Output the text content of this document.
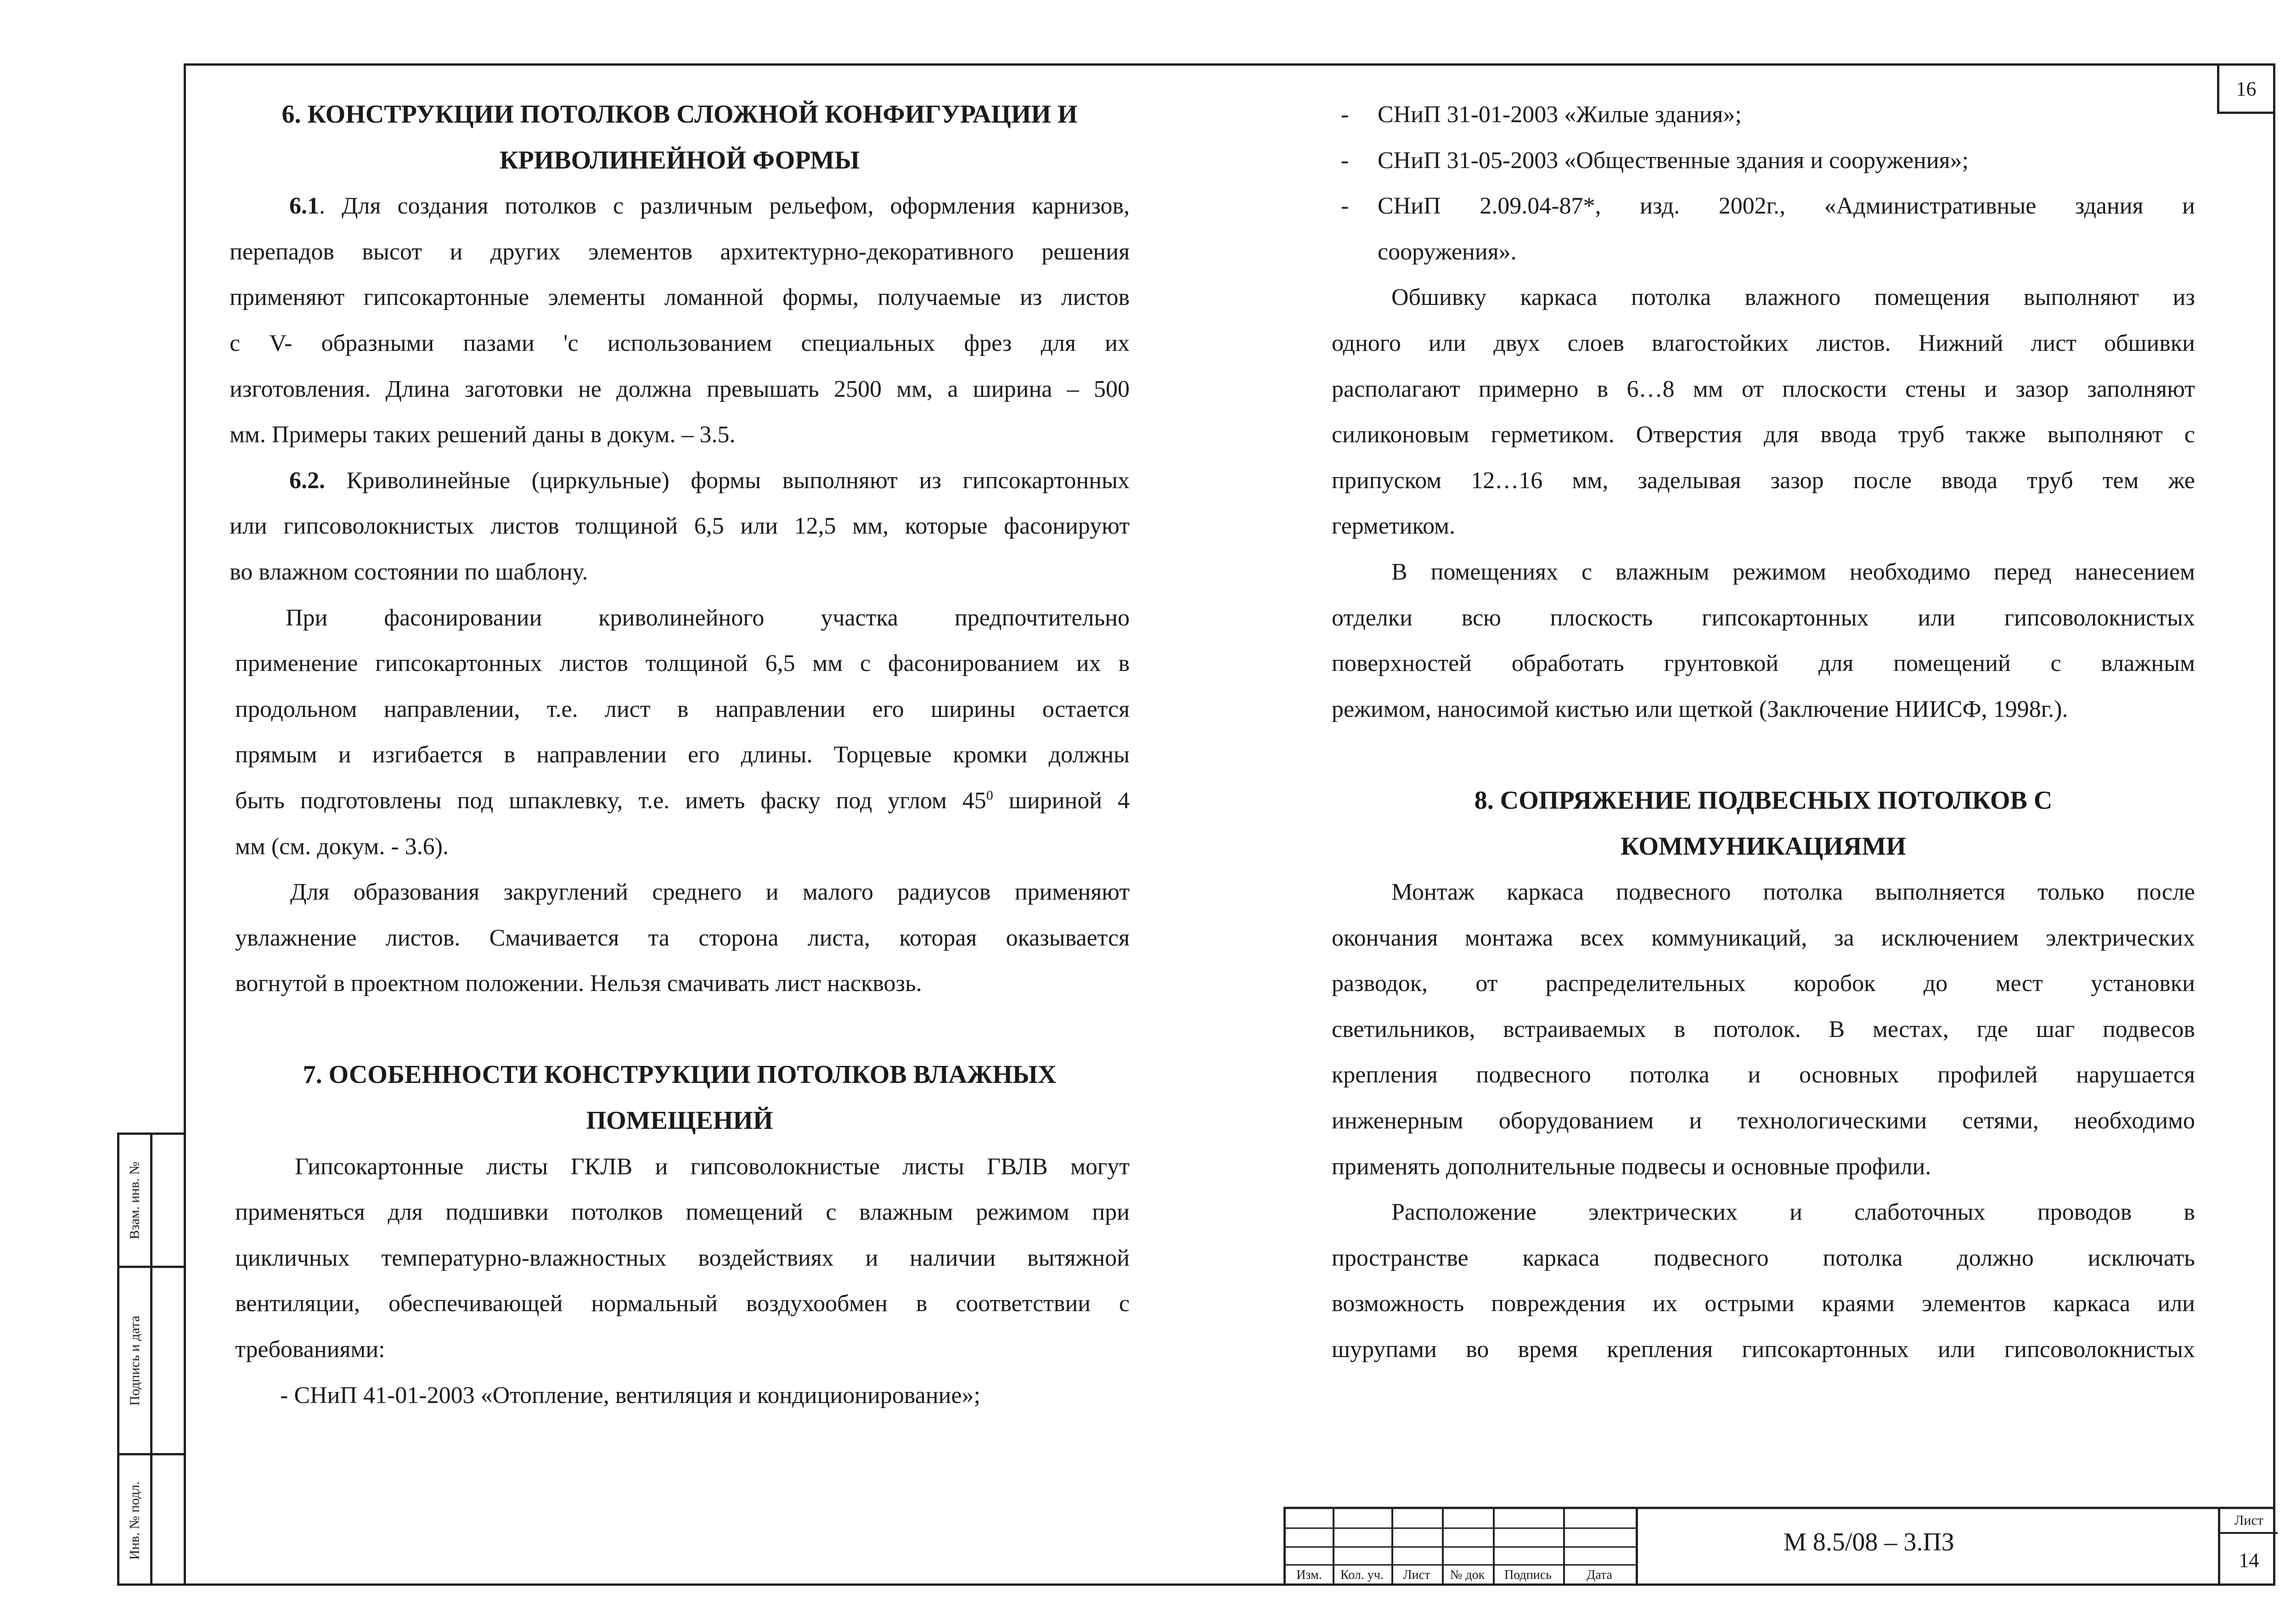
16
6. КОНСТРУКЦИИ ПОТОЛКОВ СЛОЖНОЙ КОНФИГУРАЦИИ И
КРИВОЛИНЕЙНОЙ ФОРМЫ
6.1. Для создания потолков с различным рельефом, оформления карнизов,
перепадов высот и других элементов архитектурно-декоративного решения
применяют гипсокартонные элементы ломанной формы, получаемые из листов
с V- образными пазами 'с использованием специальных фрез для их
изготовления. Длина заготовки не должна превышать 2500 мм, а ширина – 500
мм. Примеры таких решений даны в докум. – 3.5.
6.2. Криволинейные (циркульные) формы выполняют из гипсокартонных
или гипсоволокнистых листов толщиной 6,5 или 12,5 мм, которые фасонируют
во влажном состоянии по шаблону.
При фасонировании криволинейного участка предпочтительно
применение гипсокартонных листов толщиной 6,5 мм с фасонированием их в
продольном направлении, т.е. лист в направлении его ширины остается
прямым и изгибается в направлении его длины. Торцевые кромки должны
быть подготовлены под шпаклевку, т.е. иметь фаску под углом $45^0$ шириной 4
мм (см. докум. - 3.6).
Для образования закруглений среднего и малого радиусов применяют
увлажнение листов. Смачивается та сторона листа, которая оказывается
вогнутой в проектном положении. Нельзя смачивать лист насквозь.
7. ОСОБЕННОСТИ КОНСТРУКЦИИ ПОТОЛКОВ ВЛАЖНЫХ
ПОМЕЩЕНИЙ
Гипсокартонные листы ГКЛВ и гипсоволокнистые листы ГВЛВ могут
применяться для подшивки потолков помещений с влажным режимом при
цикличных температурно-влажностных воздействиях и наличии вытяжной
вентиляции, обеспечивающей нормальный воздухообмен в соответствии с
требованиями:
- СНиП 41-01-2003 «Отопление, вентиляция и кондиционирование»;
- СНиП 31-01-2003 «Жилые здания»;
- СНиП 31-05-2003 «Общественные здания и сооружения»;
- СНиП 2.09.04-87*, изд. 2002г., «Административные здания и
сооружения».
Обшивку каркаса потолка влажного помещения выполняют из
одного или двух слоев влагостойких листов. Нижний лист обшивки
располагают примерно в 6…8 мм от плоскости стены и зазор заполняют
силиконовым герметиком. Отверстия для ввода труб также выполняют с
припуском 12…16 мм, заделывая зазор после ввода труб тем же
герметиком.
В помещениях с влажным режимом необходимо перед нанесением
отделки всю плоскость гипсокартонных или гипсоволокнистых
поверхностей обработать грунтовкой для помещений с влажным
режимом, наносимой кистью или щеткой (Заключение НИИСФ, 1998г.).
8. СОПРЯЖЕНИЕ ПОДВЕСНЫХ ПОТОЛКОВ С
КОММУНИКАЦИЯМИ
Монтаж каркаса подвесного потолка выполняется только после
окончания монтажа всех коммуникаций, за исключением электрических
разводок, от распределительных коробок до мест установки
светильников, встраиваемых в потолок. В местах, где шаг подвесов
крепления подвесного потолка и основных профилей нарушается
инженерным оборудованием и технологическими сетями, необходимо
применять дополнительные подвесы и основные профили.
Расположение электрических и слаботочных проводов в
пространстве каркаса подвесного потолка должно исключать
возможность повреждения их острыми краями элементов каркаса или
шурупами во время крепления гипсокартонных или гипсоволокнистых
Взам. инв. №
Подпись и дата
Инв. № подл.
Изм.	Кол. уч.	Лист	№ док	Подпись	Дата
М 8.5/08 – 3.ПЗ
Лист
14
